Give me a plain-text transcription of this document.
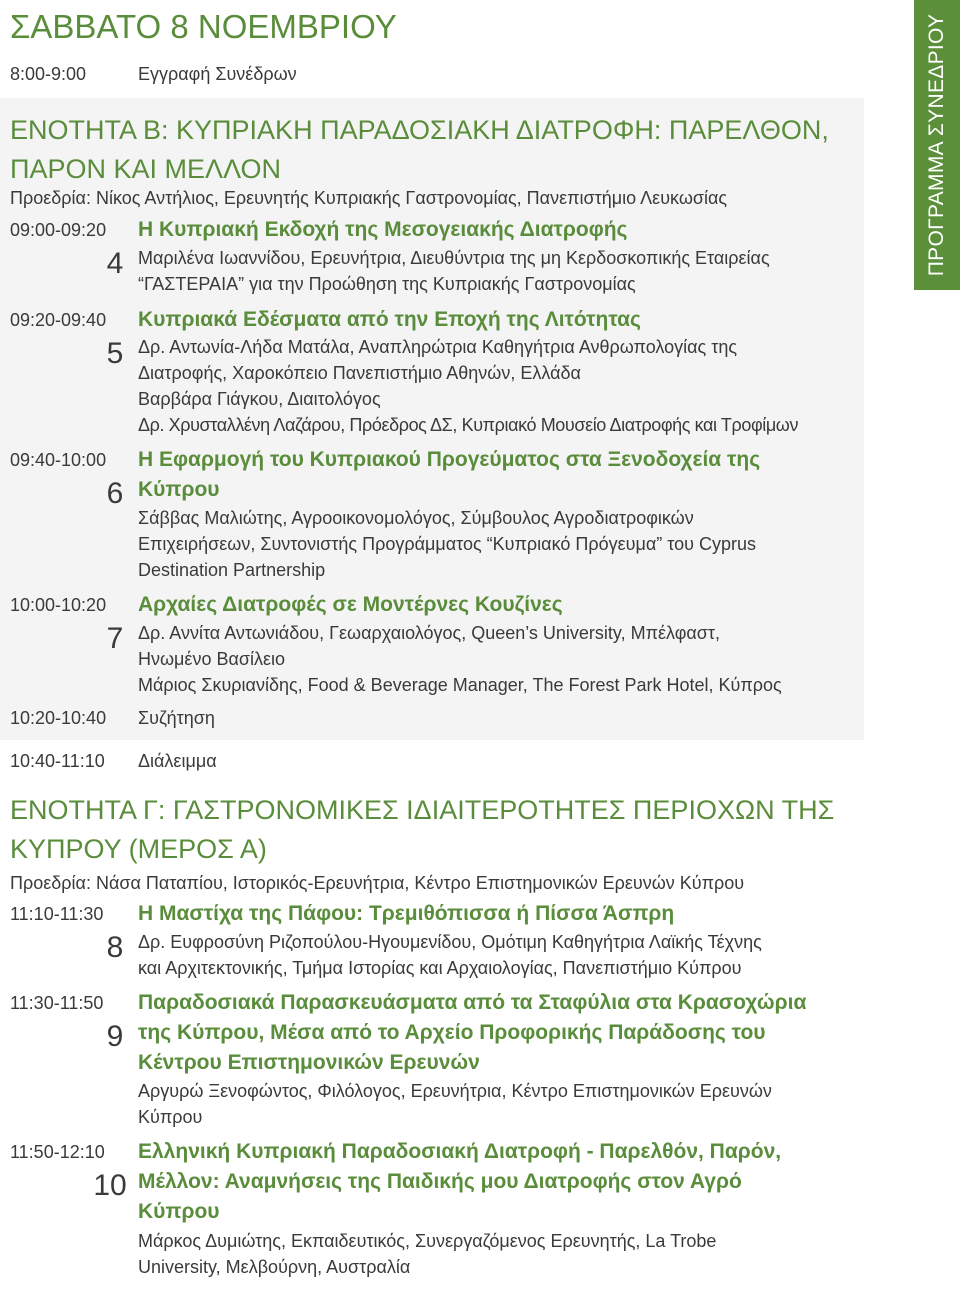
ΠΡΟΓΡΑΜΜΑ ΣΥΝΕΔΡΙΟΥ
ΣΑΒΒΑΤΟ 8 ΝΟΕΜΒΡΙΟΥ
8:00-9:00	Εγγραφή Συνέδρων
ΕΝΟΤΗΤΑ Β: ΚΥΠΡΙΑΚΗ ΠΑΡΑΔΟΣΙΑΚΗ ΔΙΑΤΡΟΦΗ: ΠΑΡΕΛΘΟΝ, ΠΑΡΟΝ ΚΑΙ ΜΕΛΛΟΝ
Προεδρία: Νίκος Αντήλιος, Ερευνητής Κυπριακής Γαστρονομίας, Πανεπιστήμιο Λευκωσίας
09:00-09:20 Η Κυπριακή Εκδοχή της Μεσογειακής Διατροφής
4 Μαριλένα Ιωαννίδου, Ερευνήτρια, Διευθύντρια της μη Κερδοσκοπικής Εταιρείας
“ΓΑΣΤΕΡΑΙΑ” για την Προώθηση της Κυπριακής Γαστρονομίας
09:20-09:40 Κυπριακά Εδέσματα από την Εποχή της Λιτότητας
5 Δρ. Αντωνία-Λήδα Ματάλα, Αναπληρώτρια Καθηγήτρια Ανθρωπολογίας της
Διατροφής, Χαροκόπειο Πανεπιστήμιο Αθηνών, Ελλάδα
Βαρβάρα Γιάγκου, Διαιτολόγος
Δρ. Χρυσταλλένη Λαζάρου, Πρόεδρος ΔΣ, Κυπριακό Μουσείο Διατροφής και Τροφίμων
09:40-10:00 Η Εφαρμογή του Κυπριακού Προγεύματος στα Ξενοδοχεία της
Κύπρου
6
Σάββας Μαλιώτης, Αγροοικονομολόγος, Σύμβουλος Αγροδιατροφικών
Επιχειρήσεων, Συντονιστής Προγράμματος “Κυπριακό Πρόγευμα” του Cyprus
Destination Partnership
10:00-10:20 Αρχαίες Διατροφές σε Μοντέρνες Κουζίνες
7 Δρ. Αννίτα Αντωνιάδου, Γεωαρχαιολόγος, Queen’s University, Μπέλφαστ,
Ηνωμένο Βασίλειο
Μάριος Σκυριανίδης, Food & Beverage Manager, The Forest Park Hotel, Κύπρος
10:20-10:40 Συζήτηση
10:40-11:10 Διάλειμμα
ΕΝΟΤΗΤΑ Γ: ΓΑΣΤΡΟΝΟΜΙΚΕΣ ΙΔΙΑΙΤΕΡΟΤΗΤΕΣ ΠΕΡΙΟΧΩΝ ΤΗΣ ΚΥΠΡΟΥ (ΜΕΡΟΣ Α)
Προεδρία: Νάσα Παταπίου, Ιστορικός-Ερευνήτρια, Κέντρο Επιστημονικών Ερευνών Κύπρου
11:10-11:30 Η Μαστίχα της Πάφου: Τρεμιθόπισσα ή Πίσσα Άσπρη
8 Δρ. Ευφροσύνη Ριζοπούλου-Ηγουμενίδου, Ομότιμη Καθηγήτρια Λαϊκής Τέχνης
και Αρχιτεκτονικής, Τμήμα Ιστορίας και Αρχαιολογίας, Πανεπιστήμιο Κύπρου
11:30-11:50 Παραδοσιακά Παρασκευάσματα από τα Σταφύλια στα Κρασοχώρια
της Κύπρου, Μέσα από το Αρχείο Προφορικής Παράδοσης του
Κέντρου Επιστημονικών Ερευνών
9
Αργυρώ Ξενοφώντος, Φιλόλογος, Ερευνήτρια, Κέντρο Επιστημονικών Ερευνών
Κύπρου
11:50-12:10 Ελληνική Κυπριακή Παραδοσιακή Διατροφή - Παρελθόν, Παρόν,
Μέλλον: Αναμνήσεις της Παιδικής μου Διατροφής στον Αγρό
Κύπρου
10
Μάρκος Δυμιώτης, Εκπαιδευτικός, Συνεργαζόμενος Ερευνητής, La Trobe
University, Μελβούρνη, Αυστραλία
